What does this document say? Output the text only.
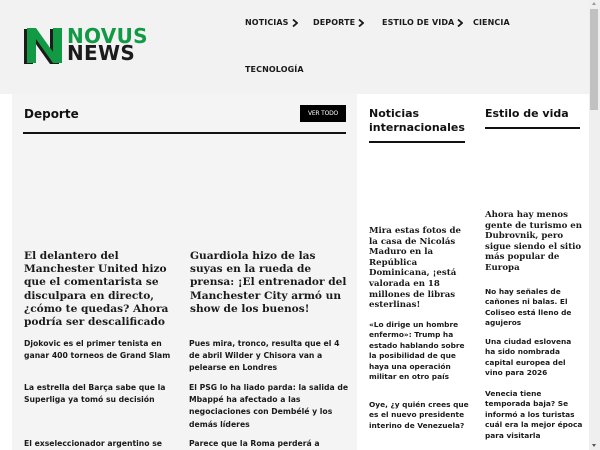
NOVUS
NEWS
NOTICIAS	DEPORTE	ESTILO DE VIDA CIENCIA
TECNOLOGÍA
Deporte	VER TODO
El delantero del Manchester United hizo que el comentarista se disculpara en directo, ¿cómo te quedas? Ahora podría ser descalificado
Guardiola hizo de las suyas en la rueda de prensa: ¡El entrenador del Manchester City armó un show de los buenos!
Djokovic es el primer tenista en ganar 400 torneos de Grand Slam
La estrella del Barça sabe que la Superliga ya tomó su decisión
El exseleccionador argentino se
Pues mira, tronco, resulta que el 4 de abril Wilder y Chisora van a pelearse en Londres
El PSG lo ha liado parda: la salida de Mbappé ha afectado a las negociaciones con Dembélé y los demás líderes
Parece que la Roma perderá a
Noticias internacionales
Mira estas fotos de la casa de Nicolás Maduro en la República Dominicana, ¡está valorada en 18 millones de libras esterlinas!
«Lo dirige un hombre enfermo»: Trump ha estado hablando sobre la posibilidad de que haya una operación militar en otro país
Oye, ¿y quién crees que es el nuevo presidente interino de Venezuela?
Estilo de vida
Ahora hay menos gente de turismo en Dubrovnik, pero sigue siendo el sitio más popular de Europa
No hay señales de cañones ni balas. El Coliseo está lleno de agujeros
Una ciudad eslovena ha sido nombrada capital europea del vino para 2026
Venecia tiene temporada baja? Se informó a los turistas cuál era la mejor época para visitarla
